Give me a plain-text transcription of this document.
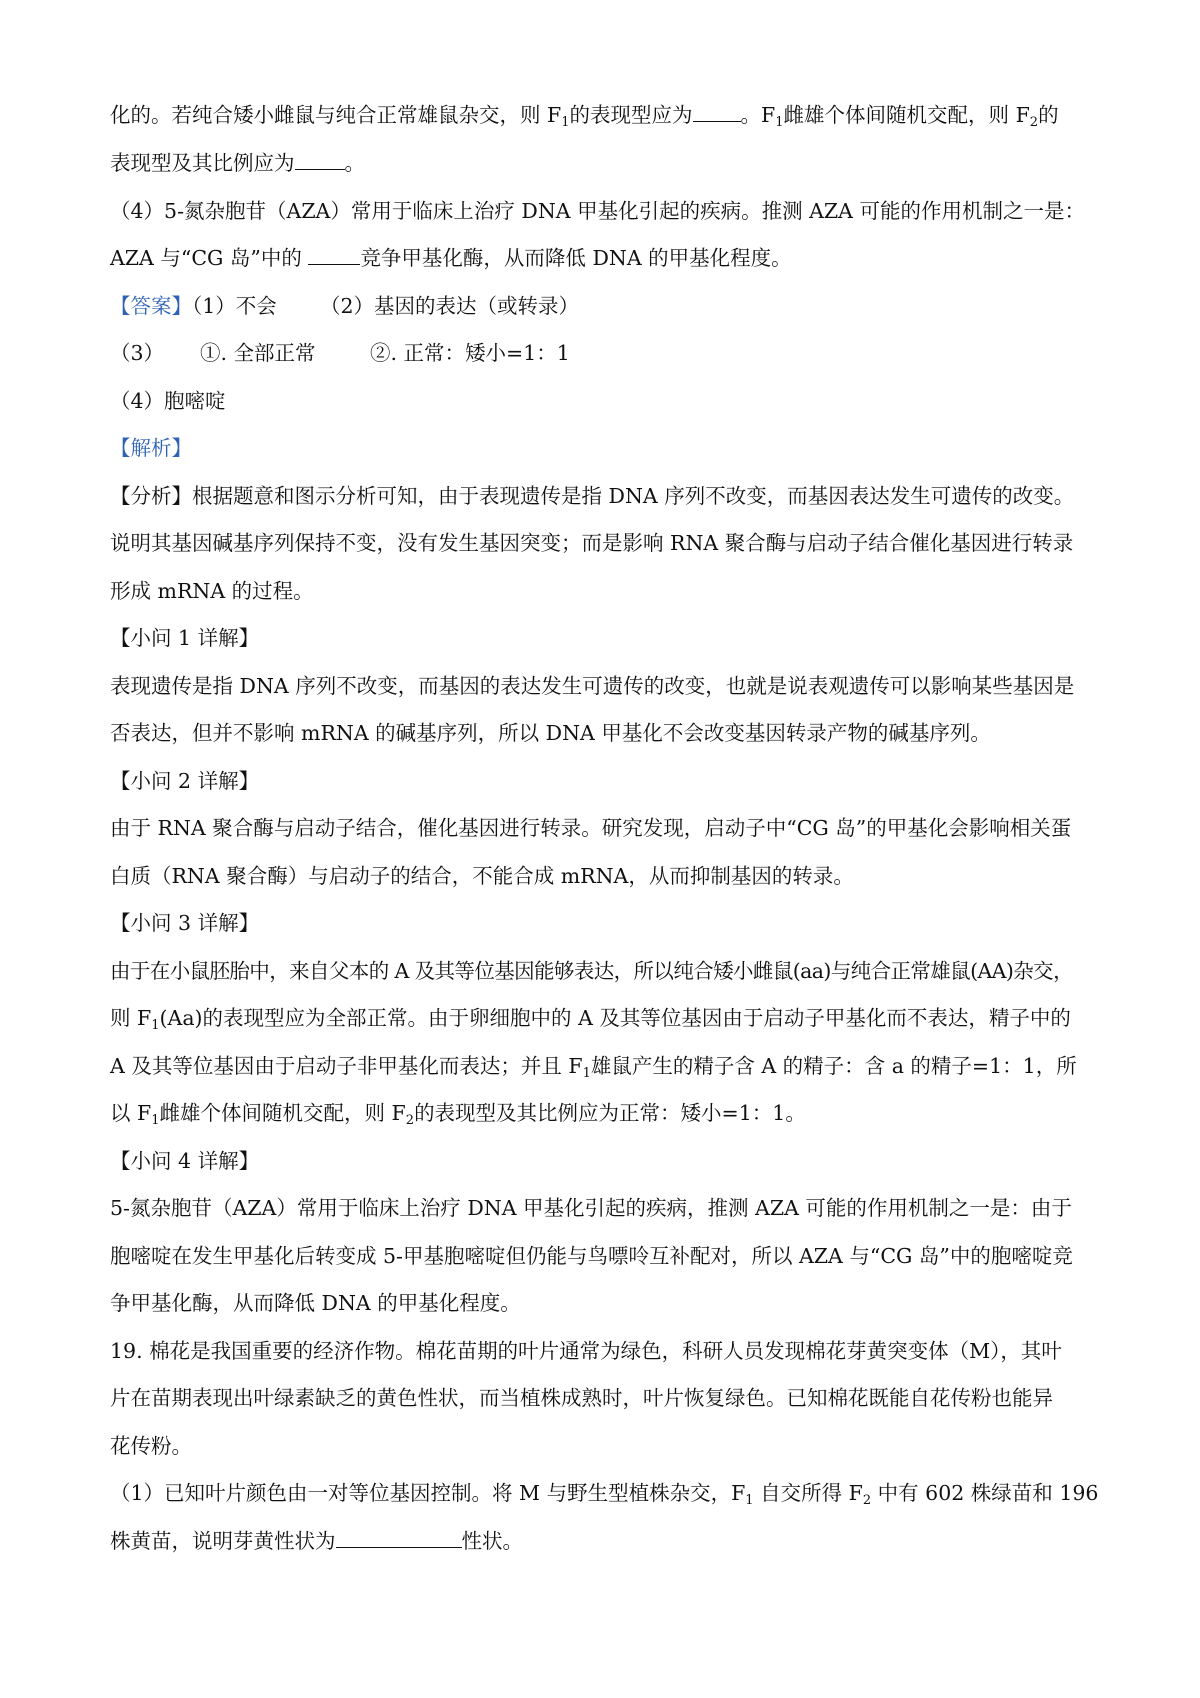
化的。若纯合矮小雌鼠与纯合正常雄鼠杂交，则 $F_1$的表现型应为 。$F_1$雌雄个体间随机交配，则 $F_2$的
表现型及其比例应为 。
（4）5-氮杂胞苷（AZA）常用于临床上治疗 DNA 甲基化引起的疾病。推测 AZA 可能的作用机制之一是：
AZA 与“CG 岛”中的	竞争甲基化酶，从而降低 DNA 的甲基化程度。
【答案】（1）不会 （2）基因的表达（或转录）
（3） ①. 全部正常	②. 正常：矮小=1：1
（4）胞嘧啶
【解析】
【分析】根据题意和图示分析可知，由于表现遗传是指 DNA 序列不改变，而基因表达发生可遗传的改变。
说明其基因碱基序列保持不变，没有发生基因突变；而是影响 RNA 聚合酶与启动子结合催化基因进行转录
形成 mRNA 的过程。
【小问 1 详解】
表现遗传是指 DNA 序列不改变，而基因的表达发生可遗传的改变，也就是说表观遗传可以影响某些基因是
否表达，但并不影响 mRNA 的碱基序列，所以 DNA 甲基化不会改变基因转录产物的碱基序列。
【小问 2 详解】
由于 RNA 聚合酶与启动子结合，催化基因进行转录。研究发现，启动子中“CG 岛”的甲基化会影响相关蛋
白质（RNA 聚合酶）与启动子的结合，不能合成 mRNA，从而抑制基因的转录。
【小问 3 详解】
由于在小鼠胚胎中，来自父本的 A 及其等位基因能够表达，所以纯合矮小雌鼠(aa)与纯合正常雄鼠(AA)杂交，
则 $F_1(Aa)$的表现型应为全部正常。由于卵细胞中的 A 及其等位基因由于启动子甲基化而不表达，精子中的
A 及其等位基因由于启动子非甲基化而表达；并且 $F_1$雄鼠产生的精子含 A 的精子：含 a 的精子=1：1，所
以 $F_1$雌雄个体间随机交配，则 $F_2$的表现型及其比例应为正常：矮小=1：1。
【小问 4 详解】
5-氮杂胞苷（AZA）常用于临床上治疗 DNA 甲基化引起的疾病，推测 AZA 可能的作用机制之一是：由于
胞嘧啶在发生甲基化后转变成 5-甲基胞嘧啶但仍能与鸟嘌呤互补配对，所以 AZA 与“CG 岛”中的胞嘧啶竞
争甲基化酶，从而降低 DNA 的甲基化程度。
19. 棉花是我国重要的经济作物。棉花苗期的叶片通常为绿色，科研人员发现棉花芽黄突变体（M），其叶
片在苗期表现出叶绿素缺乏的黄色性状，而当植株成熟时，叶片恢复绿色。已知棉花既能自花传粉也能异
花传粉。
（1）已知叶片颜色由一对等位基因控制。将 M 与野生型植株杂交，$F_1$ 自交所得 $F_2$ 中有 602 株绿苗和 196
株黄苗，说明芽黄性状为	性状。
